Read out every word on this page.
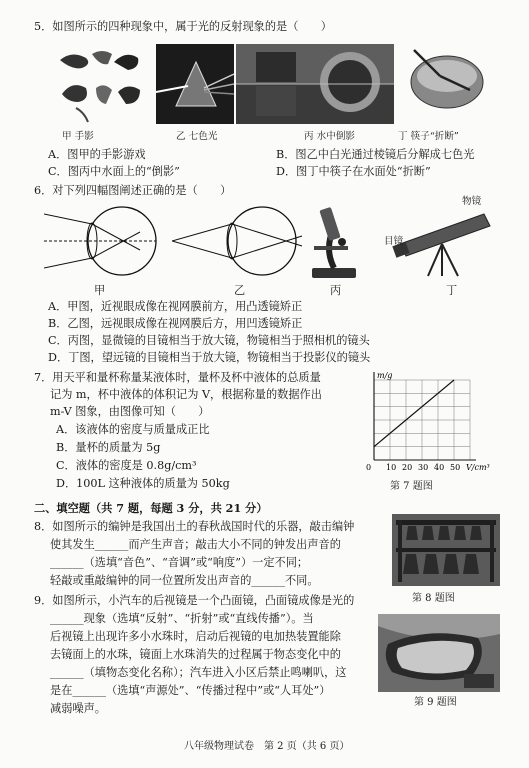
5．如图所示的四种现象中，属于光的反射现象的是（　　）
甲 手影	乙 七色光	丙 水中倒影	丁 筷子“折断”
A．图甲的手影游戏	B．图乙中白光通过棱镜后分解成七色光
C．图丙中水面上的“倒影”	D．图丁中筷子在水面处“折断”
6．对下列四幅图阐述正确的是（　　）
物镜
目镜
甲	乙	丙	丁
A．甲图，近视眼成像在视网膜前方，用凸透镜矫正
B．乙图，远视眼成像在视网膜后方，用凹透镜矫正
C．丙图，显微镜的目镜相当于放大镜，物镜相当于照相机的镜头
D．丁图，望远镜的目镜相当于放大镜，物镜相当于投影仪的镜头
7．用天平和量杯称量某液体时，量杯及杯中液体的总质量
记为 m，杯中液体的体积记为 V，根据称量的数据作出
m-V 图象，由图像可知（　　）
A．该液体的密度与质量成正比
B．量杯的质量为 5g
C．液体的密度是 0.8g/cm³
D．100L 这种液体的质量为 50kg
10 20 30 40 50
m/g
V/cm³
0
第 7 题图
二、填空题（共 7 题，每题 3 分，共 21 分）
8．如图所示的编钟是我国出土的春秋战国时代的乐器，敲击编钟
使其发生______而产生声音；敲击大小不同的钟发出声音的
______（选填“音色”、“音调”或“响度”）一定不同；
轻敲或重敲编钟的同一位置所发出声音的______不同。
第 8 题图
9．如图所示，小汽车的后视镜是一个凸面镜，凸面镜成像是光的
______现象（选填“反射”、“折射”或“直线传播”）。当
后视镜上出现许多小水珠时，启动后视镜的电加热装置能除
去镜面上的水珠，镜面上水珠消失的过程属于物态变化中的
______（填物态变化名称）；汽车进入小区后禁止鸣喇叭，这
是在______（选填“声源处”、“传播过程中”或“人耳处”）
减弱噪声。	第 9 题图
八年级物理试卷　第 2 页（共 6 页）
